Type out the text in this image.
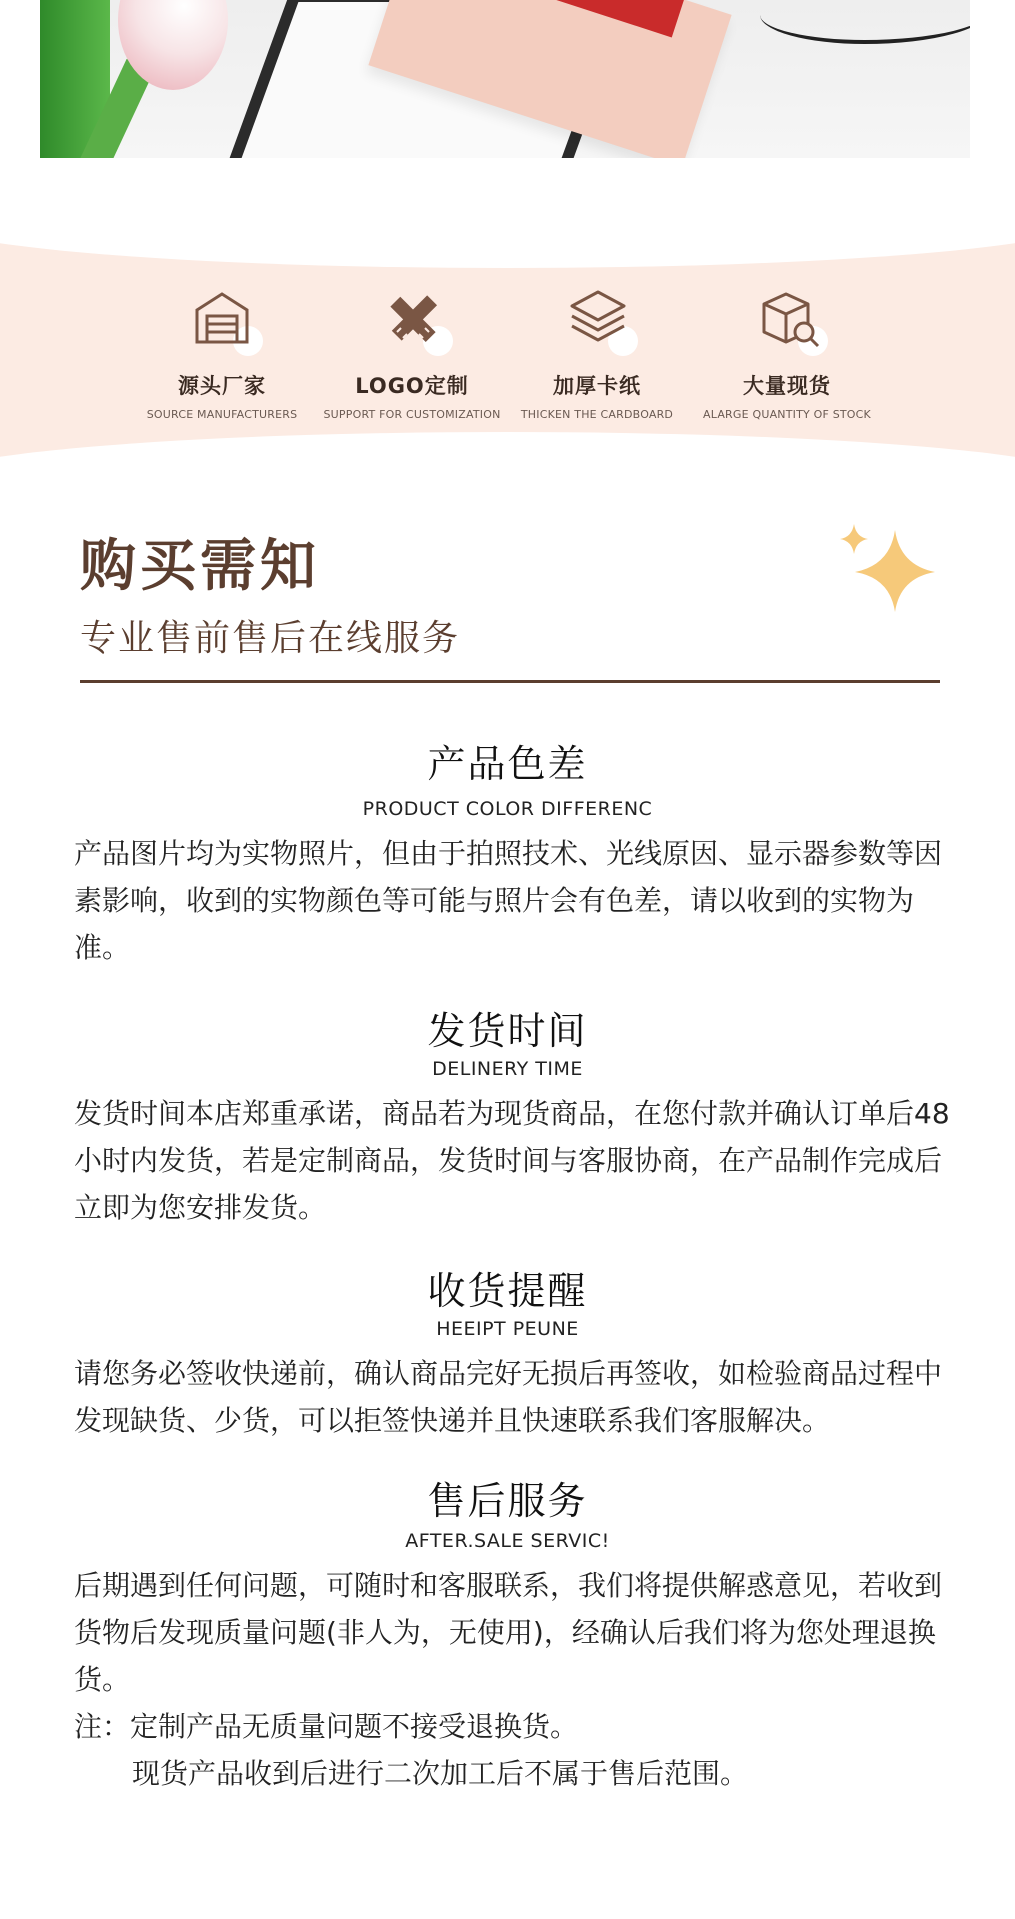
源头厂家
SOURCE MANUFACTURERS
LOGO定制
SUPPORT FOR CUSTOMIZATION
加厚卡纸
THICKEN THE CARDBOARD
大量现货
ALARGE QUANTITY OF STOCK
购买需知
专业售前售后在线服务
产品色差
PRODUCT COLOR DIFFERENC
产品图片均为实物照片，但由于拍照技术、光线原因、显示器参数等因素影响，收到的实物颜色等可能与照片会有色差，请以收到的实物为准。
发货时间
DELINERY TIME
发货时间本店郑重承诺，商品若为现货商品，在您付款并确认订单后48小时内发货，若是定制商品，发货时间与客服协商，在产品制作完成后立即为您安排发货。
收货提醒
HEEIPT PEUNE
请您务必签收快递前，确认商品完好无损后再签收，如检验商品过程中发现缺货、少货，可以拒签快递并且快速联系我们客服解决。
售后服务
AFTER.SALE SERVIC!
后期遇到任何问题，可随时和客服联系，我们将提供解惑意见，若收到货物后发现质量问题(非人为，无使用)，经确认后我们将为您处理退换货。
注：定制产品无质量问题不接受退换货。

现货产品收到后进行二次加工后不属于售后范围。
